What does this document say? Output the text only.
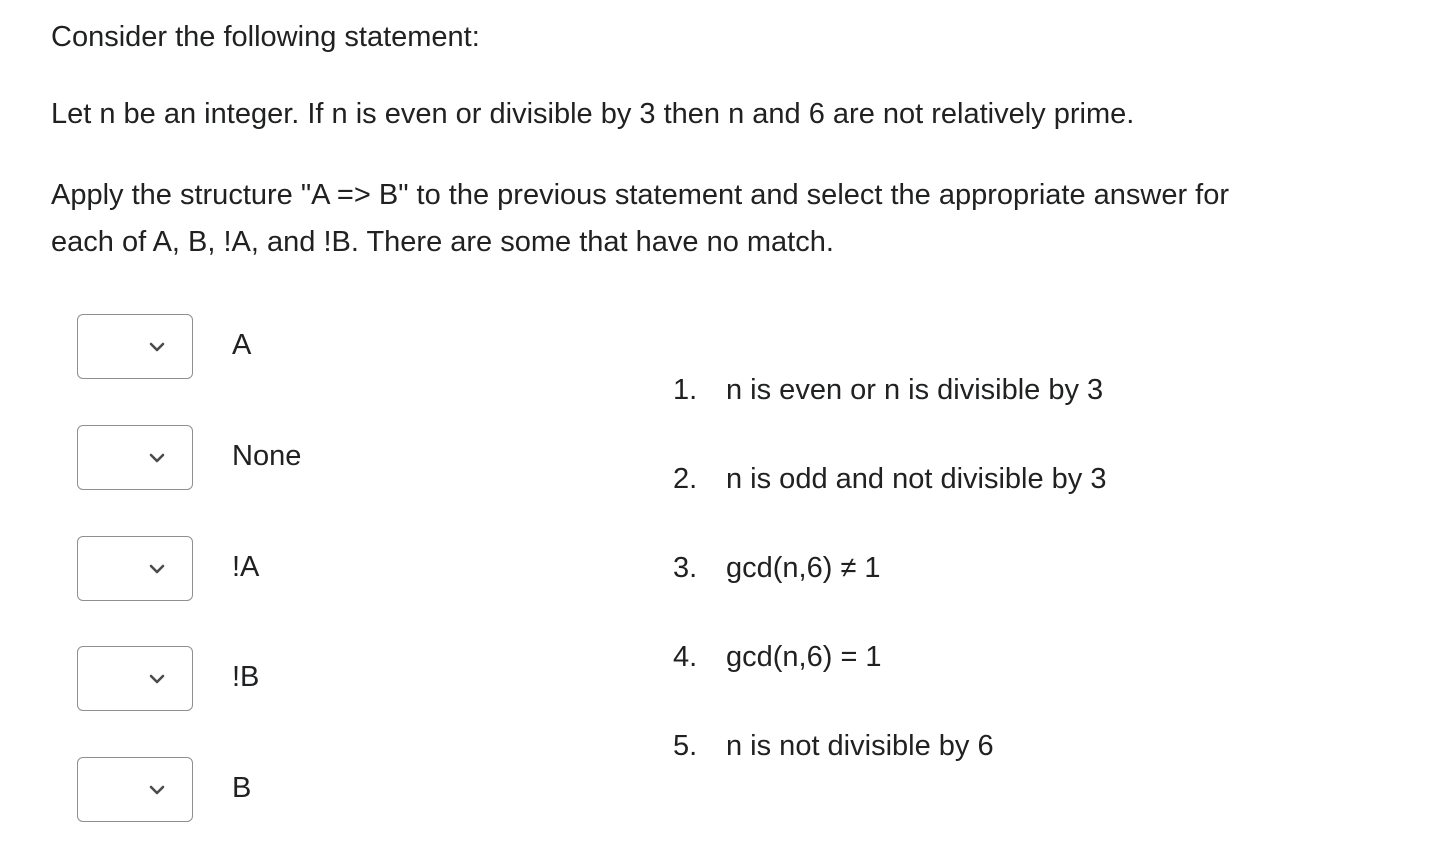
Consider the following statement:

Let n be an integer. If n is even or divisible by 3 then n and 6 are not relatively prime.

Apply the structure "A => B" to the previous statement and select the appropriate answer for each of A, B, !A, and !B. There are some that have no match.

A
None
!A
!B
B
1. n is even or n is divisible by 3
2. n is odd and not divisible by 3
3. gcd(n,6) ≠ 1
4. gcd(n,6) = 1
5. n is not divisible by 6
